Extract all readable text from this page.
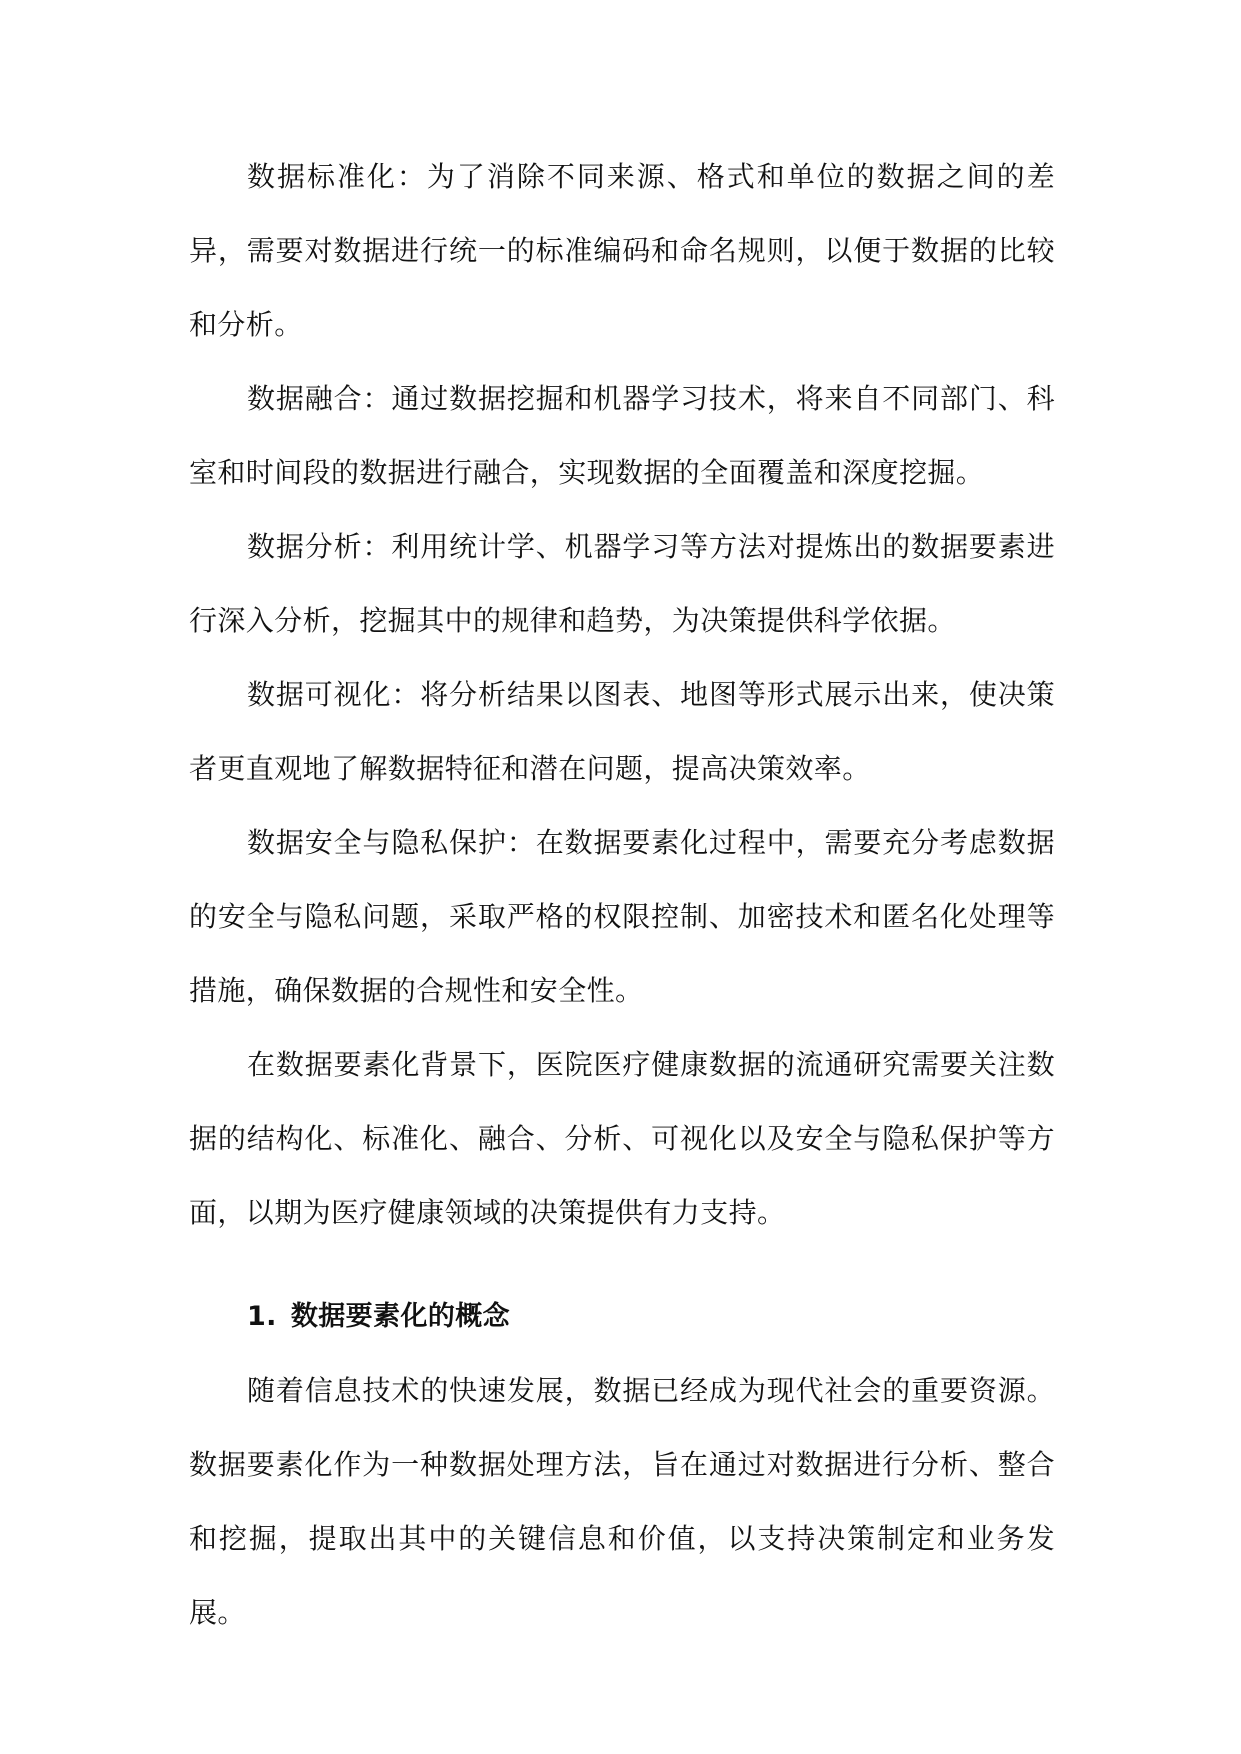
数据标准化：为了消除不同来源、格式和单位的数据之间的差异，需要对数据进行统一的标准编码和命名规则，以便于数据的比较和分析。

数据融合：通过数据挖掘和机器学习技术，将来自不同部门、科室和时间段的数据进行融合，实现数据的全面覆盖和深度挖掘。

数据分析：利用统计学、机器学习等方法对提炼出的数据要素进行深入分析，挖掘其中的规律和趋势，为决策提供科学依据。

数据可视化：将分析结果以图表、地图等形式展示出来，使决策者更直观地了解数据特征和潜在问题，提高决策效率。

数据安全与隐私保护：在数据要素化过程中，需要充分考虑数据的安全与隐私问题，采取严格的权限控制、加密技术和匿名化处理等措施，确保数据的合规性和安全性。

在数据要素化背景下，医院医疗健康数据的流通研究需要关注数据的结构化、标准化、融合、分析、可视化以及安全与隐私保护等方面，以期为医疗健康领域的决策提供有力支持。

1. 数据要素化的概念

随着信息技术的快速发展，数据已经成为现代社会的重要资源。数据要素化作为一种数据处理方法，旨在通过对数据进行分析、整合和挖掘，提取出其中的关键信息和价值，以支持决策制定和业务发展。
